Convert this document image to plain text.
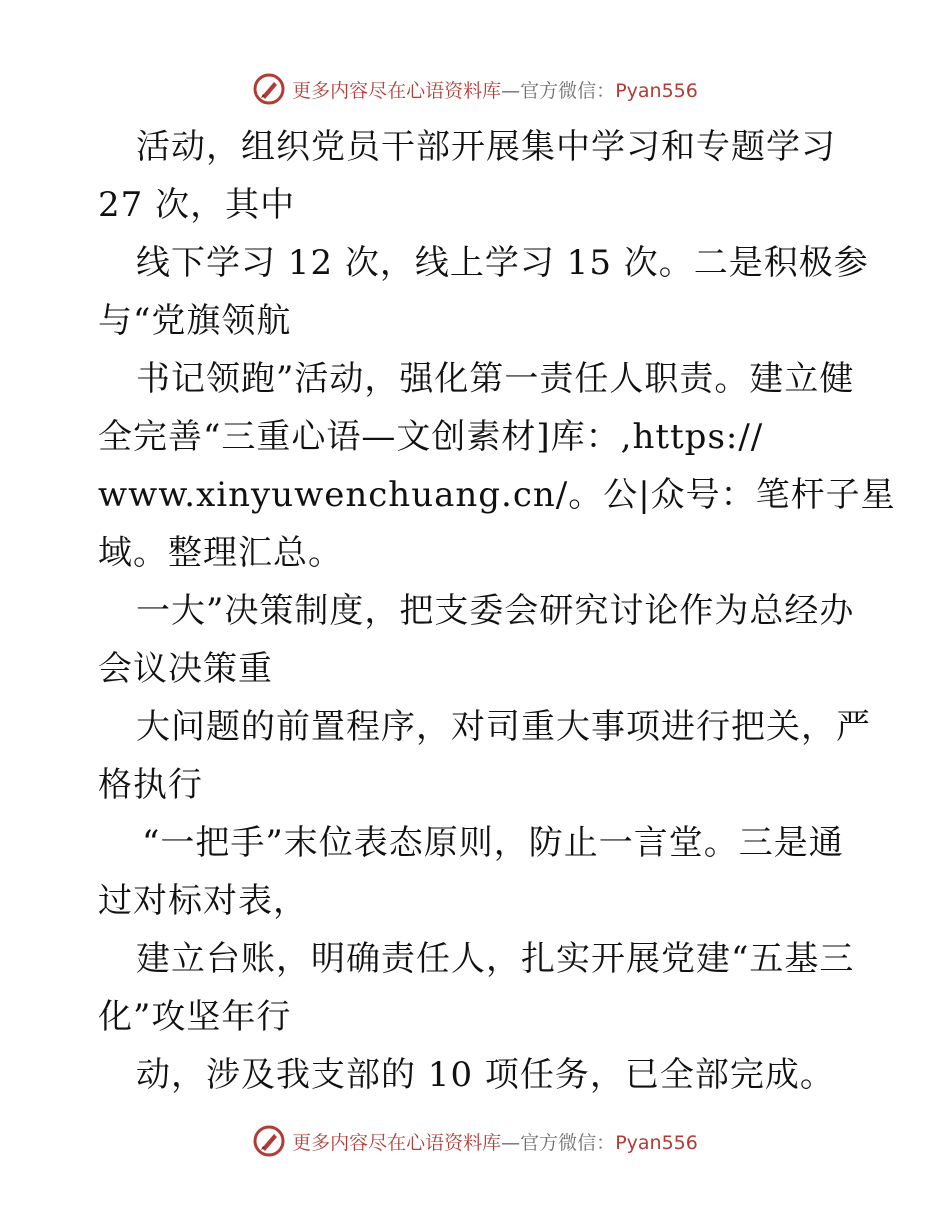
更多内容尽在心语资料库—官方微信：Pyan556
活动，组织党员干部开展集中学习和专题学习
27 次，其中
线下学习 12 次，线上学习 15 次。二是积极参
与“党旗领航
书记领跑”活动，强化第一责任人职责。建立健
全完善“三重心语—文创素材]库：,https://
www.xinyuwenchuang.cn/。公|众号：笔杆子星
域。整理汇总。
一大”决策制度，把支委会研究讨论作为总经办
会议决策重
大问题的前置程序，对司重大事项进行把关，严
格执行
“一把手”末位表态原则，防止一言堂。三是通
过对标对表，
建立台账，明确责任人，扎实开展党建“五基三
化”攻坚年行
动，涉及我支部的 10 项任务，已全部完成。
更多内容尽在心语资料库—官方微信：Pyan556
